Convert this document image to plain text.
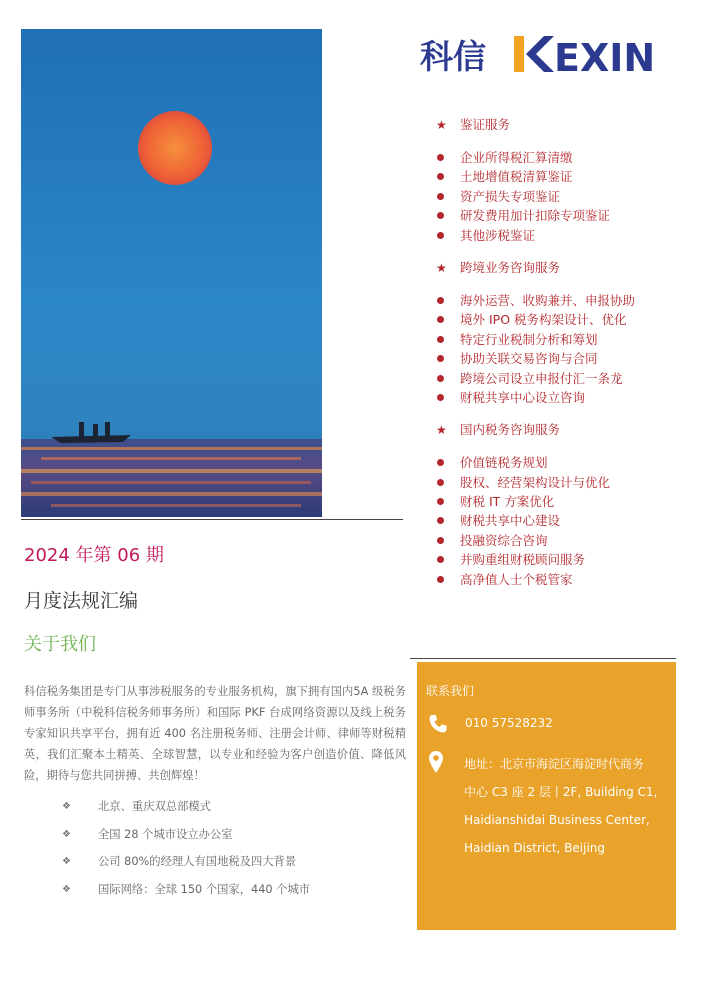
科信 EXIN
★ 鉴证服务
企业所得税汇算清缴
土地增值税清算鉴证
资产损失专项鉴证
研发费用加计扣除专项鉴证
其他涉税鉴证
★ 跨境业务咨询服务
海外运营、收购兼并、申报协助
境外 IPO 税务构架设计、优化
特定行业税制分析和筹划
协助关联交易咨询与合同
跨境公司设立申报付汇一条龙
财税共享中心设立咨询
★ 国内税务咨询服务
价值链税务规划
股权、经营架构设计与优化
财税 IT 方案优化
财税共享中心建设
投融资综合咨询
并购重组财税顾问服务
高净值人士个税管家
2024 年第 06 期
月度法规汇编
关于我们
科信税务集团是专门从事涉税服务的专业服务机构，旗下拥有国内5A 级税务师事务所（中税科信税务师事务所）和国际 PKF 台成网络资源以及线上税务专家知识共享平台，拥有近 400 名注册税务师、注册会计师、律师等财税精英，我们汇聚本土精英、全球智慧，以专业和经验为客户创造价值、降低风险，期待与您共同拼搏、共创辉煌！
❖ 北京、重庆双总部模式
❖ 全国 28 个城市设立办公室
❖ 公司 80%的经理人有国地税及四大背景
❖ 国际网络：全球 150 个国家，440 个城市
联系我们
010 57528232
地址：北京市海淀区海淀时代商务
中心 C3 座 2 层丨2F, Building C1,
Haidianshidai Business Center,
Haidian District, Beijing
